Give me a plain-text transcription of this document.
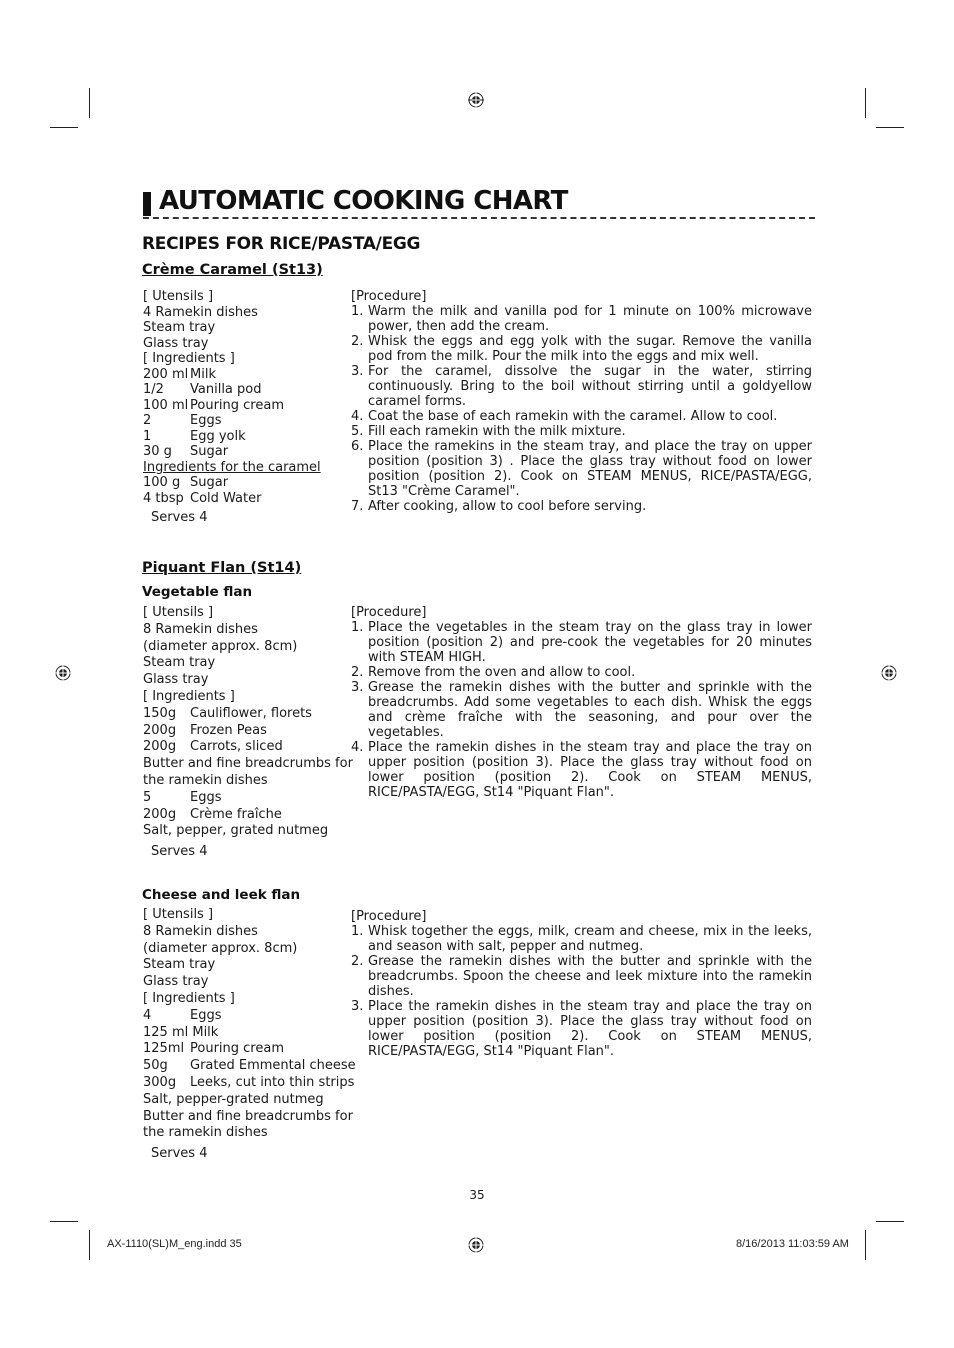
AUTOMATIC COOKING CHART
RECIPES FOR RICE/PASTA/EGG
Crème Caramel (St13)
[ Utensils ]
4 Ramekin dishes
Steam tray
Glass tray
[ Ingredients ]
200 ml Milk
1/2 Vanilla pod
100 ml Pouring cream
2	Eggs
1	Egg yolk
30 g Sugar
Ingredients for the caramel
100 g Sugar
4 tbsp Cold Water
Serves 4
[Procedure]
1. Warm the milk and vanilla pod for 1 minute on 100% microwave power, then add the cream.
2. Whisk the eggs and egg yolk with the sugar. Remove the vanilla pod from the milk. Pour the milk into the eggs and mix well.
3. For the caramel, dissolve the sugar in the water, stirring continuously. Bring to the boil without stirring until a goldyellow caramel forms.
4. Coat the base of each ramekin with the caramel. Allow to cool.
5. Fill each ramekin with the milk mixture.
6. Place the ramekins in the steam tray, and place the tray on upper position (position 3) . Place the glass tray without food on lower position (position 2). Cook on STEAM MENUS, RICE/PASTA/EGG, St13 "Crème Caramel".
7. After cooking, allow to cool before serving.
Piquant Flan (St14)
Vegetable flan
[ Utensils ]
8 Ramekin dishes
(diameter approx. 8cm)
Steam tray
Glass tray
[ Ingredients ]
150g Cauliflower, florets
200g Frozen Peas
200g Carrots, sliced
Butter and fine breadcrumbs for the ramekin dishes
5	Eggs
200g Crème fraîche
Salt, pepper, grated nutmeg
Serves 4
[Procedure]
1. Place the vegetables in the steam tray on the glass tray in lower position (position 2) and pre-cook the vegetables for 20 minutes with STEAM HIGH.
2. Remove from the oven and allow to cool.
3. Grease the ramekin dishes with the butter and sprinkle with the breadcrumbs. Add some vegetables to each dish. Whisk the eggs and crème fraîche with the seasoning, and pour over the vegetables.
4. Place the ramekin dishes in the steam tray and place the tray on upper position (position 3). Place the glass tray without food on lower position (position 2). Cook on STEAM MENUS, RICE/PASTA/EGG, St14 "Piquant Flan".
Cheese and leek flan
[ Utensils ]
8 Ramekin dishes
(diameter approx. 8cm)
Steam tray
Glass tray
[ Ingredients ]
4	Eggs
125 ml Milk
125ml Pouring cream
50g Grated Emmental cheese
300g Leeks, cut into thin strips
Salt, pepper-grated nutmeg
Butter and fine breadcrumbs for the ramekin dishes
Serves 4
[Procedure]
1. Whisk together the eggs, milk, cream and cheese, mix in the leeks, and season with salt, pepper and nutmeg.
2. Grease the ramekin dishes with the butter and sprinkle with the breadcrumbs. Spoon the cheese and leek mixture into the ramekin dishes.
3. Place the ramekin dishes in the steam tray and place the tray on upper position (position 3). Place the glass tray without food on lower position (position 2). Cook on STEAM MENUS, RICE/PASTA/EGG, St14 "Piquant Flan".
35
AX-1110(SL)M_eng.indd 35	8/16/2013 11:03:59 AM
